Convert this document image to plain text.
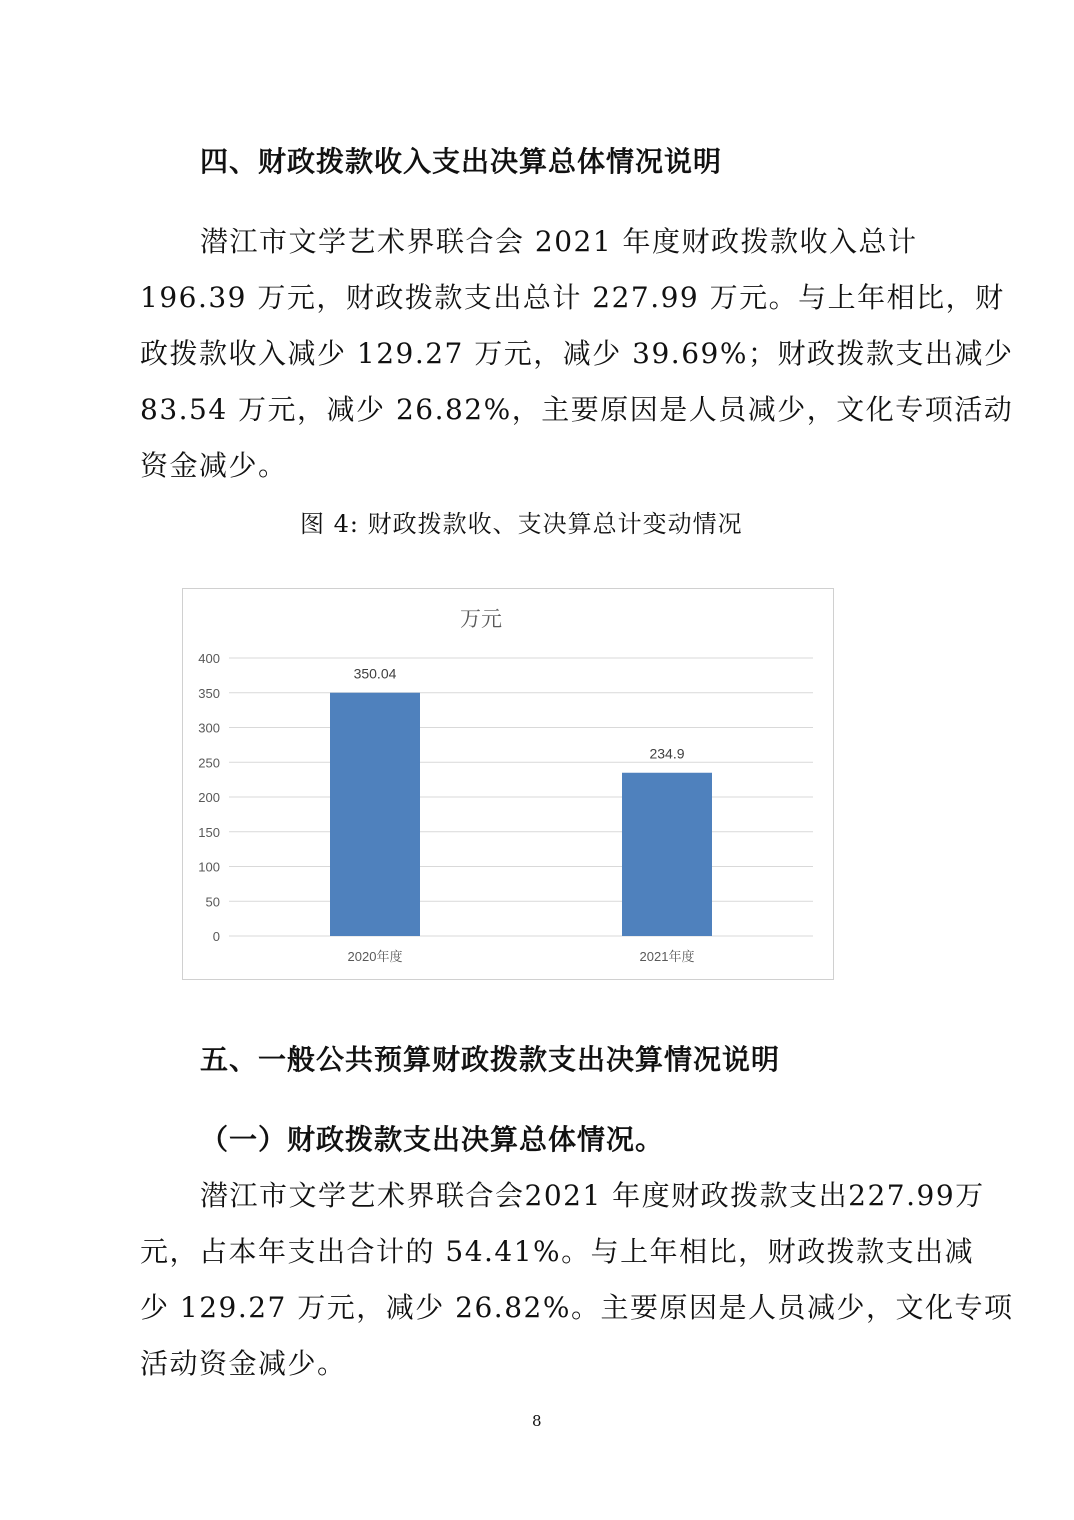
四、财政拨款收入支出决算总体情况说明
潜江市文学艺术界联合会 2021 年度财政拨款收入总计
196.39 万元，财政拨款支出总计 227.99 万元。与上年相比，财
政拨款收入减少 129.27 万元，减少 39.69%；财政拨款支出减少
83.54 万元，减少 26.82%，主要原因是人员减少，文化专项活动
资金减少。
图 4: 财政拨款收、支决算总计变动情况
万元
0
50
100
150
200
250
300
350
400
350.04
2020年度
234.9
2021年度
五、一般公共预算财政拨款支出决算情况说明
（一）财政拨款支出决算总体情况。
潜江市文学艺术界联合会2021 年度财政拨款支出227.99万
元，占本年支出合计的 54.41%。与上年相比，财政拨款支出减
少 129.27 万元，减少 26.82%。主要原因是人员减少，文化专项
活动资金减少。
8
